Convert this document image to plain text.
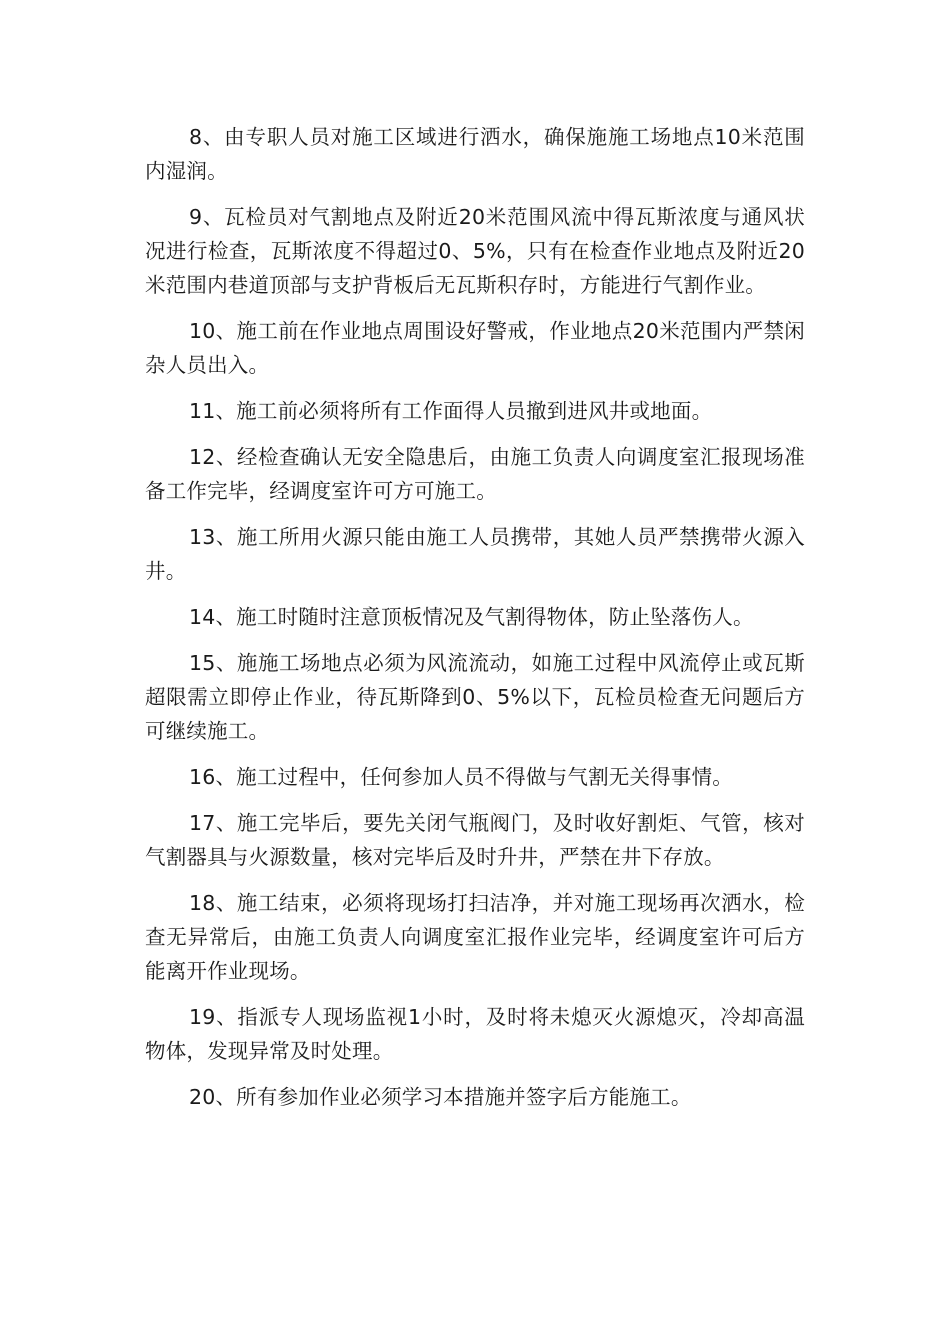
8、由专职人员对施工区域进行洒水，确保施施工场地点10米范围内湿润。

9、瓦检员对气割地点及附近20米范围风流中得瓦斯浓度与通风状况进行检查，瓦斯浓度不得超过0、5%，只有在检查作业地点及附近20米范围内巷道顶部与支护背板后无瓦斯积存时，方能进行气割作业。

10、施工前在作业地点周围设好警戒，作业地点20米范围内严禁闲杂人员出入。

11、施工前必须将所有工作面得人员撤到进风井或地面。

12、经检查确认无安全隐患后，由施工负责人向调度室汇报现场准备工作完毕，经调度室许可方可施工。

13、施工所用火源只能由施工人员携带，其她人员严禁携带火源入井。

14、施工时随时注意顶板情况及气割得物体，防止坠落伤人。

15、施施工场地点必须为风流流动，如施工过程中风流停止或瓦斯超限需立即停止作业，待瓦斯降到0、5%以下，瓦检员检查无问题后方可继续施工。

16、施工过程中，任何参加人员不得做与气割无关得事情。

17、施工完毕后，要先关闭气瓶阀门，及时收好割炬、气管，核对气割器具与火源数量，核对完毕后及时升井，严禁在井下存放。

18、施工结束，必须将现场打扫洁净，并对施工现场再次洒水，检查无异常后，由施工负责人向调度室汇报作业完毕，经调度室许可后方能离开作业现场。

19、指派专人现场监视1小时，及时将未熄灭火源熄灭，冷却高温物体，发现异常及时处理。

20、所有参加作业必须学习本措施并签字后方能施工。
